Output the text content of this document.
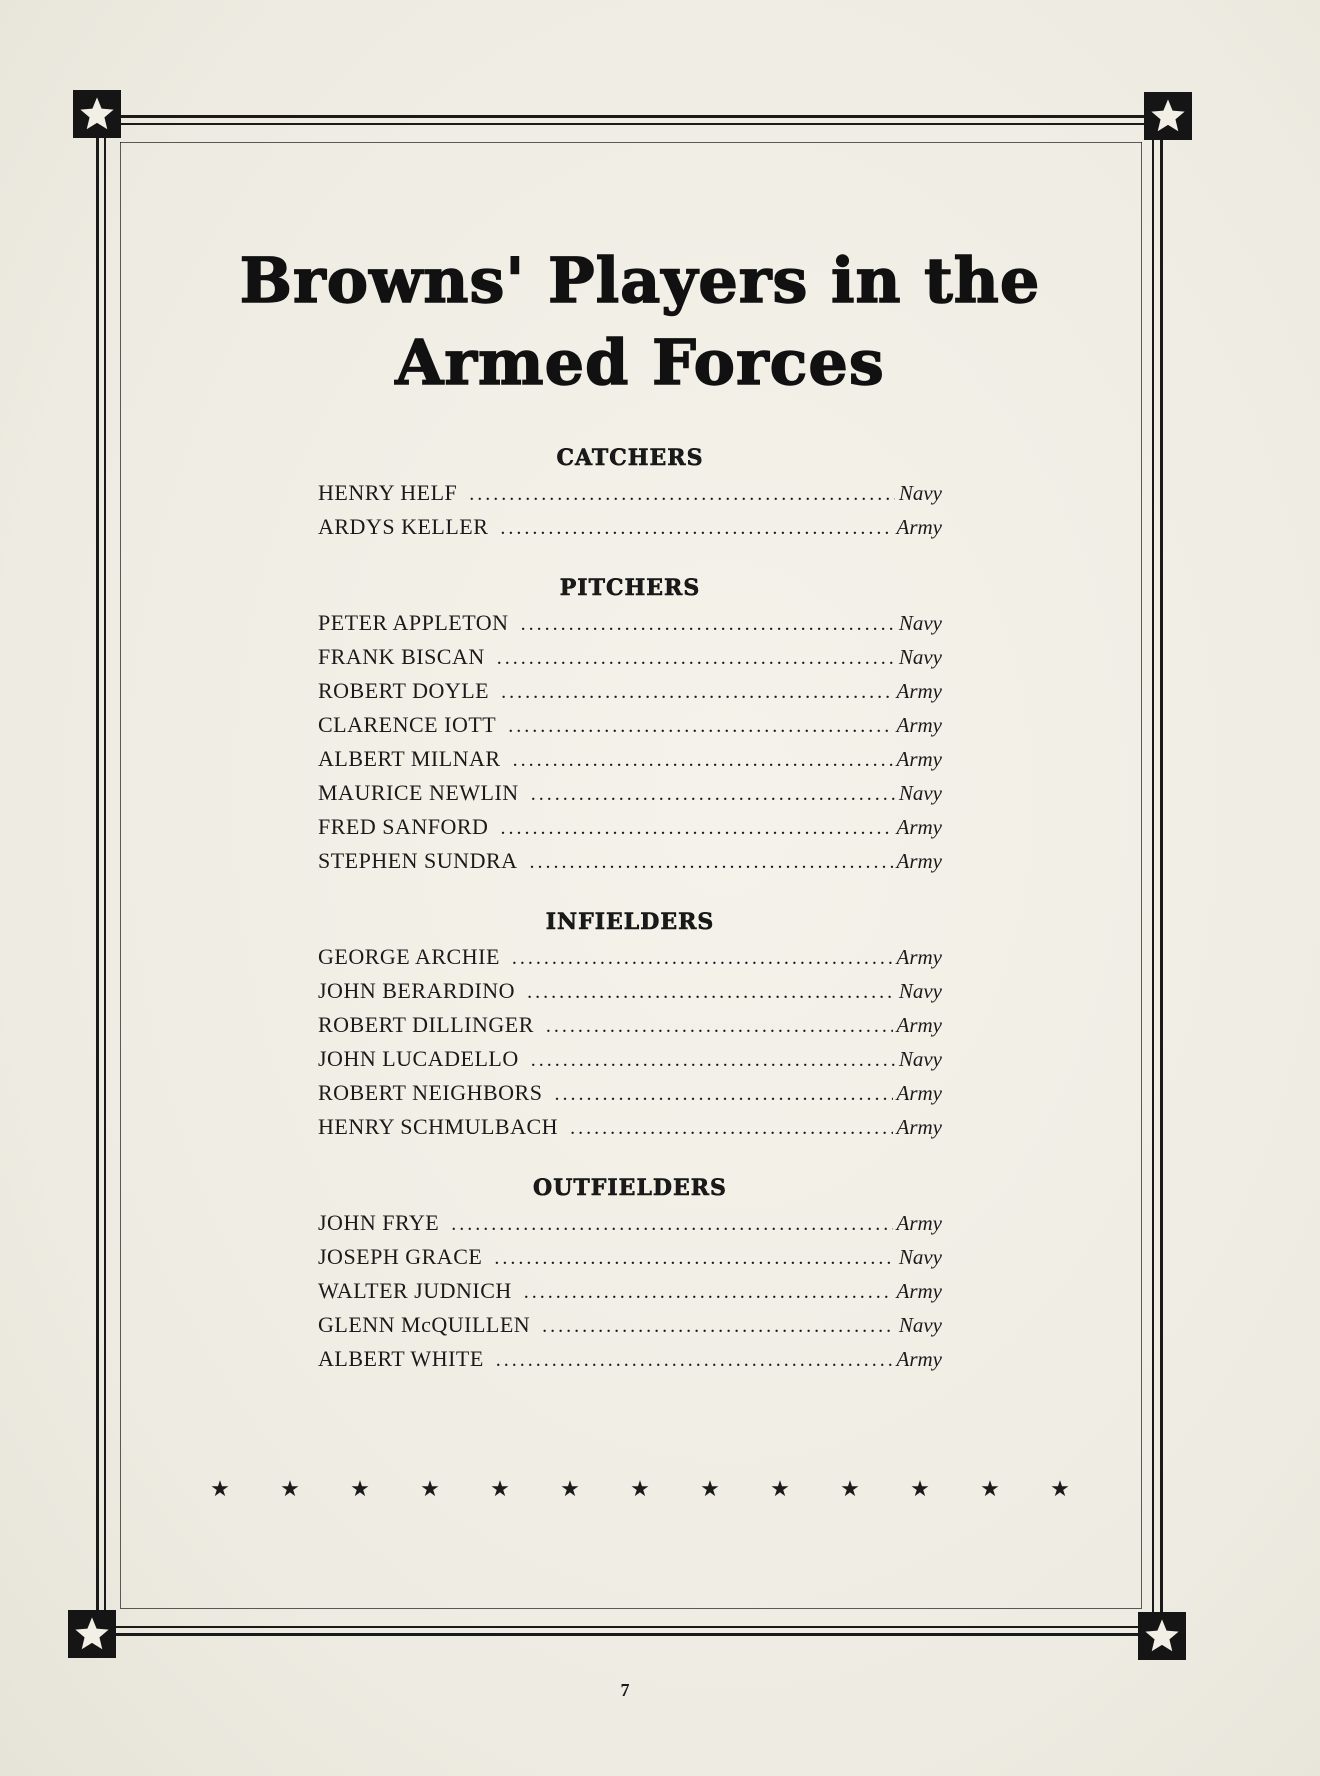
Browns' Players in the
Armed Forces
CATCHERS
HENRY HELF .....	Navy
ARDYS KELLER .....	Army
PITCHERS
PETER APPLETON .....	Navy
FRANK BISCAN .....	Navy
ROBERT DOYLE .....	Army
CLARENCE IOTT .....	Army
ALBERT MILNAR .....	Army
MAURICE NEWLIN .....	Navy
FRED SANFORD .....	Army
STEPHEN SUNDRA .....	Army
INFIELDERS
GEORGE ARCHIE .....	Army
JOHN BERARDINO .....	Navy
ROBERT DILLINGER .....	Army
JOHN LUCADELLO .....	Navy
ROBERT NEIGHBORS .....	Army
HENRY SCHMULBACH .....	Army
OUTFIELDERS
JOHN FRYE .....	Army
JOSEPH GRACE .....	Navy
WALTER JUDNICH .....	Army
GLENN McQUILLEN .....	Navy
ALBERT WHITE .....	Army
★	★	★	★	★	★	★	★	★	★	★	★	★
7
